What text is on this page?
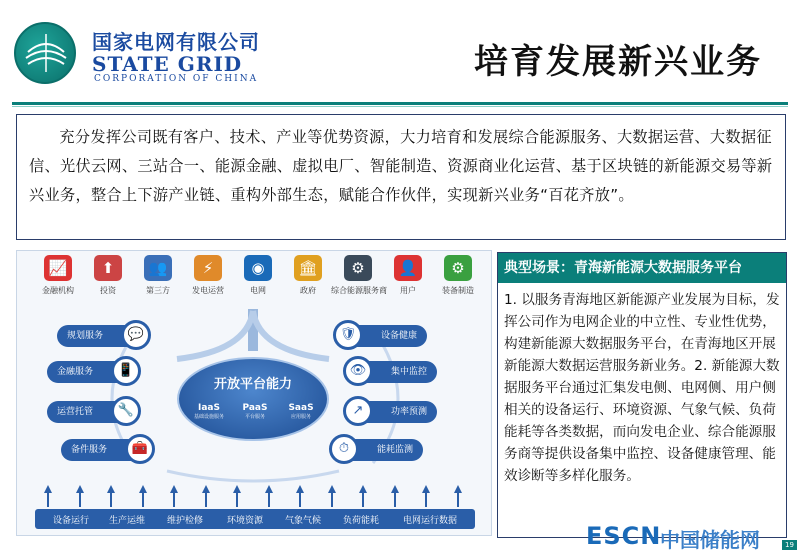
国家电网有限公司
STATE GRID
CORPORATION OF CHINA	培育发展新兴业务

充分发挥公司既有客户、技术、产业等优势资源，大力培育和发展综合能源服务、大数据运营、大数据征信、光伏云网、三站合一、能源金融、虚拟电厂、智能制造、资源商业化运营、基于区块链的新能源交易等新兴业务，整合上下游产业链、重构外部生态，赋能合作伙伴，实现新兴业务“百花齐放”。

📈
金融机构
⬆
投资
👥
第三方
⚡
发电运营
◉
电网
🏛
政府
⚙
综合能源服务商
👤
用户
⚙
装备制造
规划服务	💬
金融服务	📱
运营托管	🔧
备件服务	🧰
设备健康
🛡
集中监控
👁
功率预测
↗
能耗监测
⏱
开放平台能力
IaaS
基础设施服务
PaaS
平台服务
SaaS
应用服务
设备运行 生产运维 维护检修	环境资源 气象气候 负荷能耗	电网运行数据
典型场景：青海新能源大数据服务平台
1. 以服务青海地区新能源产业发展为目标，发挥公司作为电网企业的中立性、专业性优势，构建新能源大数据服务平台，在青海地区开展新能源大数据运营服务新业务。2. 新能源大数据服务平台通过汇集发电侧、电网侧、用户侧相关的设备运行、环境资源、气象气候、负荷能耗等各类数据，而向发电企业、综合能源服务商等提供设备集中监控、设备健康管理、能效诊断等多样化服务。
ESCN
中国储能网	19
